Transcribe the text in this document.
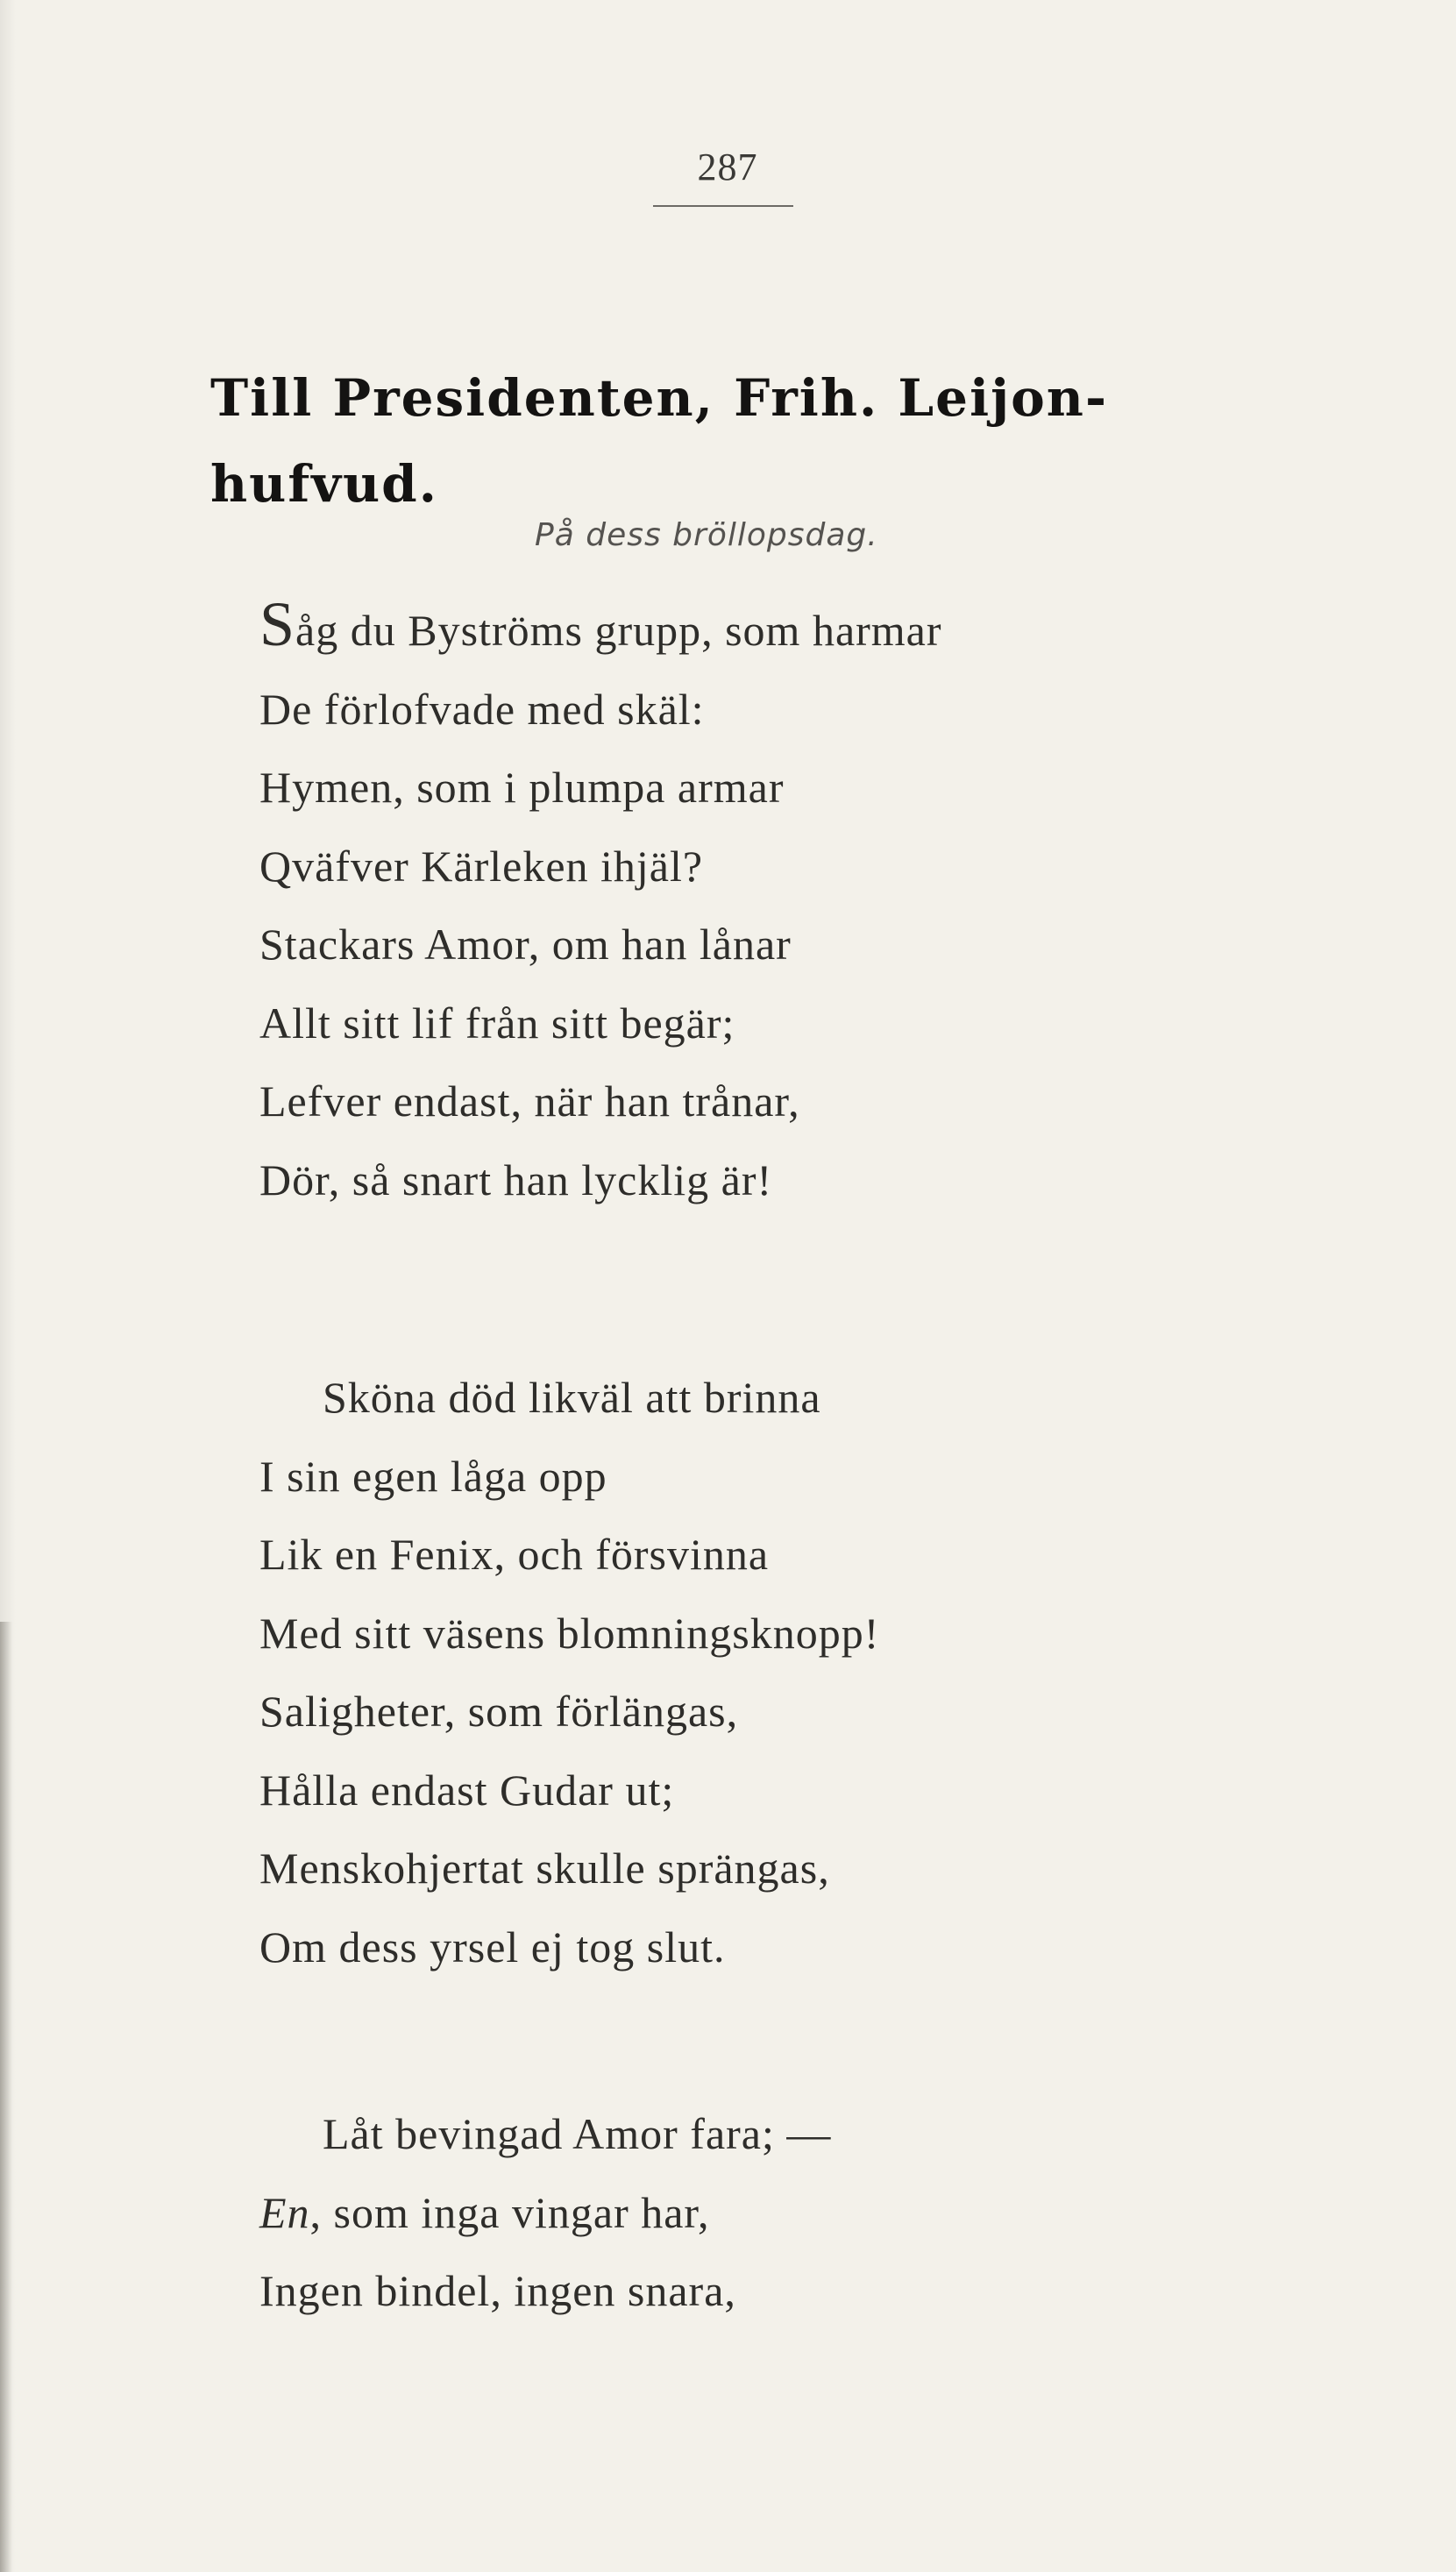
287
Till Presidenten, Frih. Leijon-
hufvud.
På dess bröllopsdag.
Såg du Byströms grupp, som harmar
De förlofvade med skäl:
Hymen, som i plumpa armar
Qväfver Kärleken ihjäl?
Stackars Amor, om han lånar
Allt sitt lif från sitt begär;
Lefver endast, när han trånar,
Dör, så snart han lycklig är!
Sköna död likväl att brinna
I sin egen låga opp
Lik en Fenix, och försvinna
Med sitt väsens blomningsknopp!
Saligheter, som förlängas,
Hålla endast Gudar ut;
Menskohjertat skulle sprängas,
Om dess yrsel ej tog slut.
Låt bevingad Amor fara; —
En, som inga vingar har,
Ingen bindel, ingen snara,
